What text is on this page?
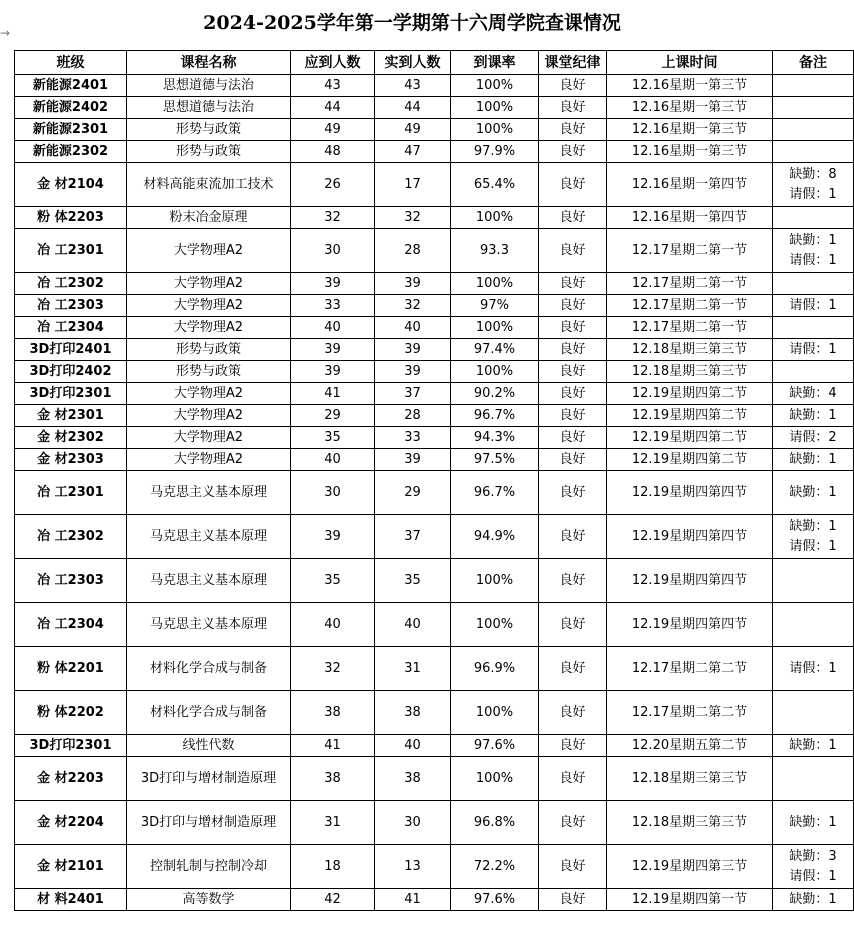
2024-2025学年第一学期第十六周学院查课情况
→
班级	课程名称	应到人数	实到人数	到课率	课堂纪律	上课时间	备注
新能源2401	思想道德与法治	43	43	100%	良好	12.16星期一第三节	
新能源2402	思想道德与法治	44	44	100%	良好	12.16星期一第三节	
新能源2301	形势与政策	49	49	100%	良好	12.16星期一第三节	
新能源2302	形势与政策	48	47	97.9%	良好	12.16星期一第三节	
金 材2104	材料高能束流加工技术	26	17	65.4%	良好	12.16星期一第四节	缺勤：8
请假：1

粉 体2203	粉末冶金原理	32	32	100%	良好	12.16星期一第四节	
冶 工2301	大学物理A2	30	28	93.3	良好	12.17星期二第一节	缺勤：1
请假：1

冶 工2302	大学物理A2	39	39	100%	良好	12.17星期二第一节	
冶 工2303	大学物理A2	33	32	97%	良好	12.17星期二第一节	请假：1

冶 工2304	大学物理A2	40	40	100%	良好	12.17星期二第一节	
3D打印2401	形势与政策	39	39	97.4%	良好	12.18星期三第三节	请假：1

3D打印2402	形势与政策	39	39	100%	良好	12.18星期三第三节	
3D打印2301	大学物理A2	41	37	90.2%	良好	12.19星期四第二节	缺勤：4

金 材2301	大学物理A2	29	28	96.7%	良好	12.19星期四第二节	缺勤：1

金 材2302	大学物理A2	35	33	94.3%	良好	12.19星期四第二节	请假：2

金 材2303	大学物理A2	40	39	97.5%	良好	12.19星期四第二节	缺勤：1

冶 工2301	马克思主义基本原理	30	29	96.7%	良好	12.19星期四第四节	缺勤：1

冶 工2302	马克思主义基本原理	39	37	94.9%	良好	12.19星期四第四节	缺勤：1
请假：1

冶 工2303	马克思主义基本原理	35	35	100%	良好	12.19星期四第四节	
冶 工2304	马克思主义基本原理	40	40	100%	良好	12.19星期四第四节	
粉 体2201	材料化学合成与制备	32	31	96.9%	良好	12.17星期二第二节	请假：1

粉 体2202	材料化学合成与制备	38	38	100%	良好	12.17星期二第二节	
3D打印2301	线性代数	41	40	97.6%	良好	12.20星期五第二节	缺勤：1

金 材2203	3D打印与增材制造原理	38	38	100%	良好	12.18星期三第三节	
金 材2204	3D打印与增材制造原理	31	30	96.8%	良好	12.18星期三第三节	缺勤：1

金 材2101	控制轧制与控制冷却	18	13	72.2%	良好	12.19星期四第三节	缺勤：3
请假：1

材 料2401	高等数学	42	41	97.6%	良好	12.19星期四第一节	缺勤：1
